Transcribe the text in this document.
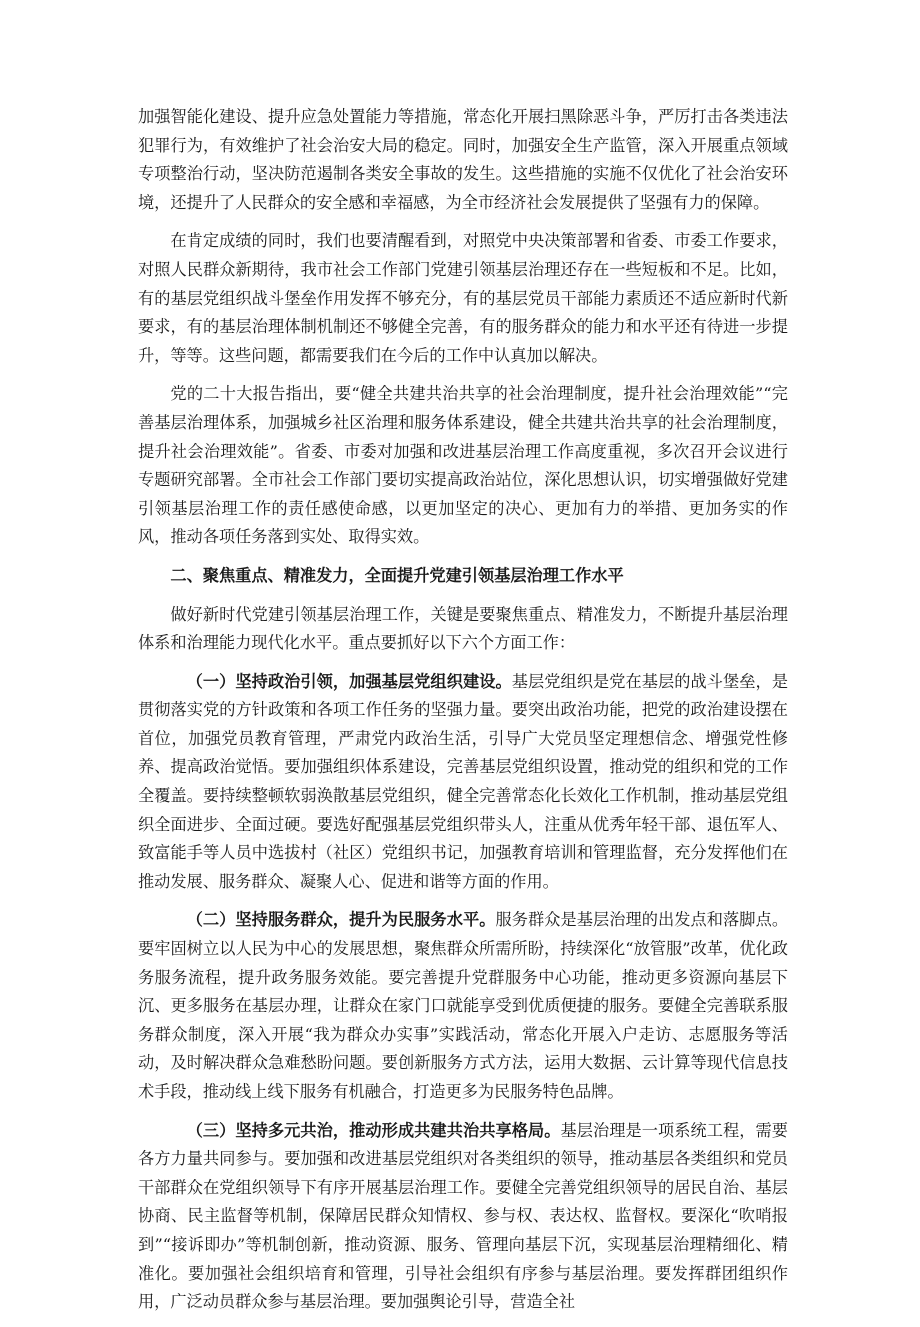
加强智能化建设、提升应急处置能力等措施，常态化开展扫黑除恶斗争，严厉打击各类违法犯罪行为，有效维护了社会治安大局的稳定。同时，加强安全生产监管，深入开展重点领域专项整治行动，坚决防范遏制各类安全事故的发生。这些措施的实施不仅优化了社会治安环境，还提升了人民群众的安全感和幸福感，为全市经济社会发展提供了坚强有力的保障。

在肯定成绩的同时，我们也要清醒看到，对照党中央决策部署和省委、市委工作要求，对照人民群众新期待，我市社会工作部门党建引领基层治理还存在一些短板和不足。比如，有的基层党组织战斗堡垒作用发挥不够充分，有的基层党员干部能力素质还不适应新时代新要求，有的基层治理体制机制还不够健全完善，有的服务群众的能力和水平还有待进一步提升，等等。这些问题，都需要我们在今后的工作中认真加以解决。

党的二十大报告指出，要“健全共建共治共享的社会治理制度，提升社会治理效能”“完善基层治理体系，加强城乡社区治理和服务体系建设，健全共建共治共享的社会治理制度，提升社会治理效能”。省委、市委对加强和改进基层治理工作高度重视，多次召开会议进行专题研究部署。全市社会工作部门要切实提高政治站位，深化思想认识，切实增强做好党建引领基层治理工作的责任感使命感，以更加坚定的决心、更加有力的举措、更加务实的作风，推动各项任务落到实处、取得实效。

二、聚焦重点、精准发力，全面提升党建引领基层治理工作水平

做好新时代党建引领基层治理工作，关键是要聚焦重点、精准发力，不断提升基层治理体系和治理能力现代化水平。重点要抓好以下六个方面工作：

（一）坚持政治引领，加强基层党组织建设。基层党组织是党在基层的战斗堡垒，是贯彻落实党的方针政策和各项工作任务的坚强力量。要突出政治功能，把党的政治建设摆在首位，加强党员教育管理，严肃党内政治生活，引导广大党员坚定理想信念、增强党性修养、提高政治觉悟。要加强组织体系建设，完善基层党组织设置，推动党的组织和党的工作全覆盖。要持续整顿软弱涣散基层党组织，健全完善常态化长效化工作机制，推动基层党组织全面进步、全面过硬。要选好配强基层党组织带头人，注重从优秀年轻干部、退伍军人、致富能手等人员中选拔村（社区）党组织书记，加强教育培训和管理监督，充分发挥他们在推动发展、服务群众、凝聚人心、促进和谐等方面的作用。

（二）坚持服务群众，提升为民服务水平。服务群众是基层治理的出发点和落脚点。要牢固树立以人民为中心的发展思想，聚焦群众所需所盼，持续深化“放管服”改革，优化政务服务流程，提升政务服务效能。要完善提升党群服务中心功能，推动更多资源向基层下沉、更多服务在基层办理，让群众在家门口就能享受到优质便捷的服务。要健全完善联系服务群众制度，深入开展“我为群众办实事”实践活动，常态化开展入户走访、志愿服务等活动，及时解决群众急难愁盼问题。要创新服务方式方法，运用大数据、云计算等现代信息技术手段，推动线上线下服务有机融合，打造更多为民服务特色品牌。

（三）坚持多元共治，推动形成共建共治共享格局。基层治理是一项系统工程，需要各方力量共同参与。要加强和改进基层党组织对各类组织的领导，推动基层各类组织和党员干部群众在党组织领导下有序开展基层治理工作。要健全完善党组织领导的居民自治、基层协商、民主监督等机制，保障居民群众知情权、参与权、表达权、监督权。要深化“吹哨报到”“接诉即办”等机制创新，推动资源、服务、管理向基层下沉，实现基层治理精细化、精准化。要加强社会组织培育和管理，引导社会组织有序参与基层治理。要发挥群团组织作用，广泛动员群众参与基层治理。要加强舆论引导，营造全社
